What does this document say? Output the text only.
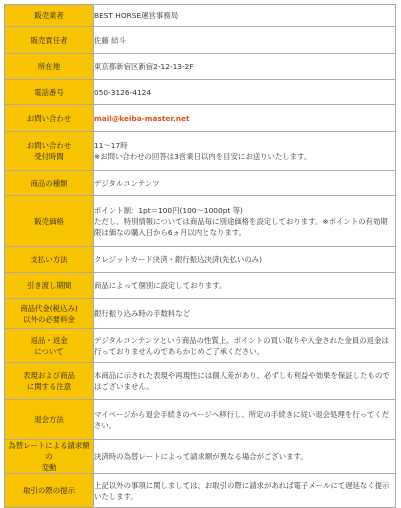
販売業者	BEST HORSE運営事務局

販売責任者	佐藤 結斗

所在地	東京都新宿区新宿2-12-13-2F

電話番号	050-3126-4124

お問い合わせ	mail@keiba-master.net

お問い合わせ
受付時間	11～17時
※お問い合わせの回答は3営業日以内を目安にお送りいたします。

商品の種類	デジタルコンテンツ

販売価格	ポイント制：1pt＝100円(100～1000pt 等)
ただし、特別情報については商品毎に別途価格を設定しております。※ポイントの有効期限は価なの購入日から6ヵ月以内となります。

支払い方法	クレジットカード決済・銀行振込決済(先払いのみ)

引き渡し期間	商品によって個別に設定しております。

商品代金(税込み)
以外の必要料金	銀行振り込み時の手数料など

返品・返金
について	デジタルコンテンツという商品の性質上、ポイントの買い取りや入金された金員の返金は行っておりませんのであらかじめご了承ください。

表現および商品
に関する注意	本商品に示された表現や再現性には個人差があり、必ずしも利益や効果を保証したものではございません。

退会方法	マイページから退会手続きのページへ移行し、所定の手続きに従い退会処理を行ってください。

為替レートによる請求額の
変動	決済時の為替レートによって請求額が異なる場合がございます。

取引の際の提示	上記以外の事項に関しましては、お取引の際に請求があれば電子メールにて遅延なく提示いたします。
